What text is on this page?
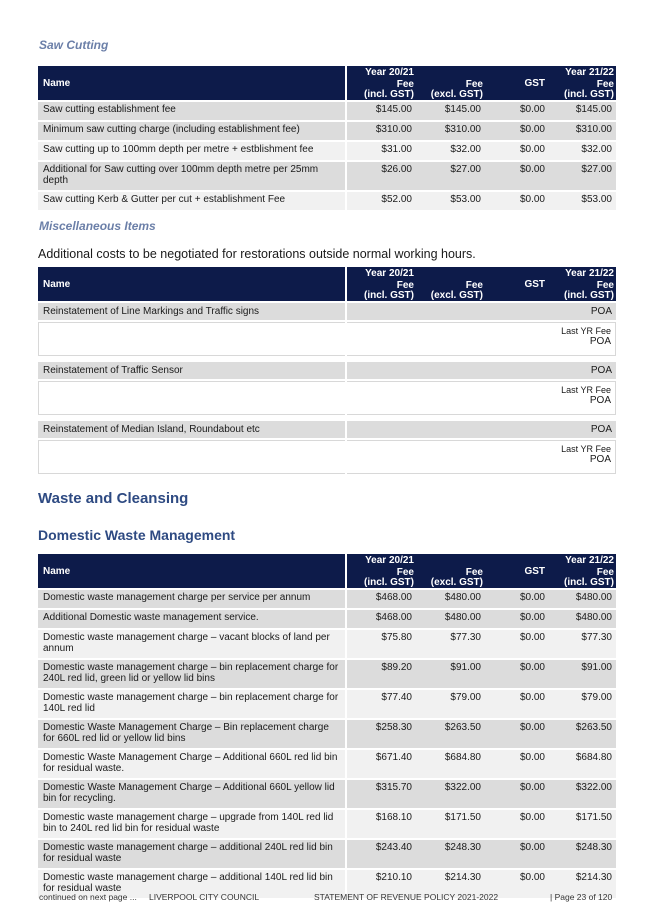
Saw Cutting
Name		Year 20/21
Fee
(incl. GST)	Fee
(excl. GST)	GST	Year 21/22
Fee
(incl. GST)

Saw cutting establishment fee		$145.00	$145.00	$0.00	$145.00
Minimum saw cutting charge (including establishment fee)		$310.00	$310.00	$0.00	$310.00
Saw cutting up to 100mm depth per metre + estblishment fee		$31.00	$32.00	$0.00	$32.00
Additional for Saw cutting over 100mm depth metre per 25mm depth		$26.00	$27.00	$0.00	$27.00
Saw cutting Kerb & Gutter per cut + establishment Fee		$52.00	$53.00	$0.00	$53.00
Miscellaneous Items
Additional costs to be negotiated for restorations outside normal working hours.
Name		Year 20/21
Fee
(incl. GST)	Fee
(excl. GST)	GST	Year 21/22
Fee
(incl. GST)

Reinstatement of Line Markings and Traffic signs		POA			

		Last YR Fee
POA			

Reinstatement of Traffic Sensor		POA			

		Last YR Fee
POA			

Reinstatement of Median Island, Roundabout etc		POA			

		Last YR Fee
POA			
Waste and Cleansing
Domestic Waste Management
Name		Year 20/21
Fee
(incl. GST)	Fee
(excl. GST)	GST	Year 21/22
Fee
(incl. GST)

Domestic waste management charge per service per annum		$468.00	$480.00	$0.00	$480.00
Additional Domestic waste management service.		$468.00	$480.00	$0.00	$480.00
Domestic waste management charge – vacant blocks of land per annum		$75.80	$77.30	$0.00	$77.30
Domestic waste management charge – bin replacement charge for 240L red lid, green lid or yellow lid bins		$89.20	$91.00	$0.00	$91.00
Domestic waste management charge – bin replacement charge for 140L red lid		$77.40	$79.00	$0.00	$79.00
Domestic Waste Management Charge – Bin replacement charge for 660L red lid or yellow lid bins		$258.30	$263.50	$0.00	$263.50
Domestic Waste Management Charge – Additional 660L red lid bin for residual waste.		$671.40	$684.80	$0.00	$684.80
Domestic Waste Management Charge – Additional 660L yellow lid bin for recycling.		$315.70	$322.00	$0.00	$322.00
Domestic waste management charge – upgrade from 140L red lid bin to 240L red lid bin for residual waste		$168.10	$171.50	$0.00	$171.50
Domestic waste management charge – additional 240L red lid bin for residual waste		$243.40	$248.30	$0.00	$248.30
Domestic waste management charge – additional 140L red lid bin for residual waste		$210.10	$214.30	$0.00	$214.30
continued on next page ... LIVERPOOL CITY COUNCIL	STATEMENT OF REVENUE POLICY 2021-2022	| Page 23 of 120
